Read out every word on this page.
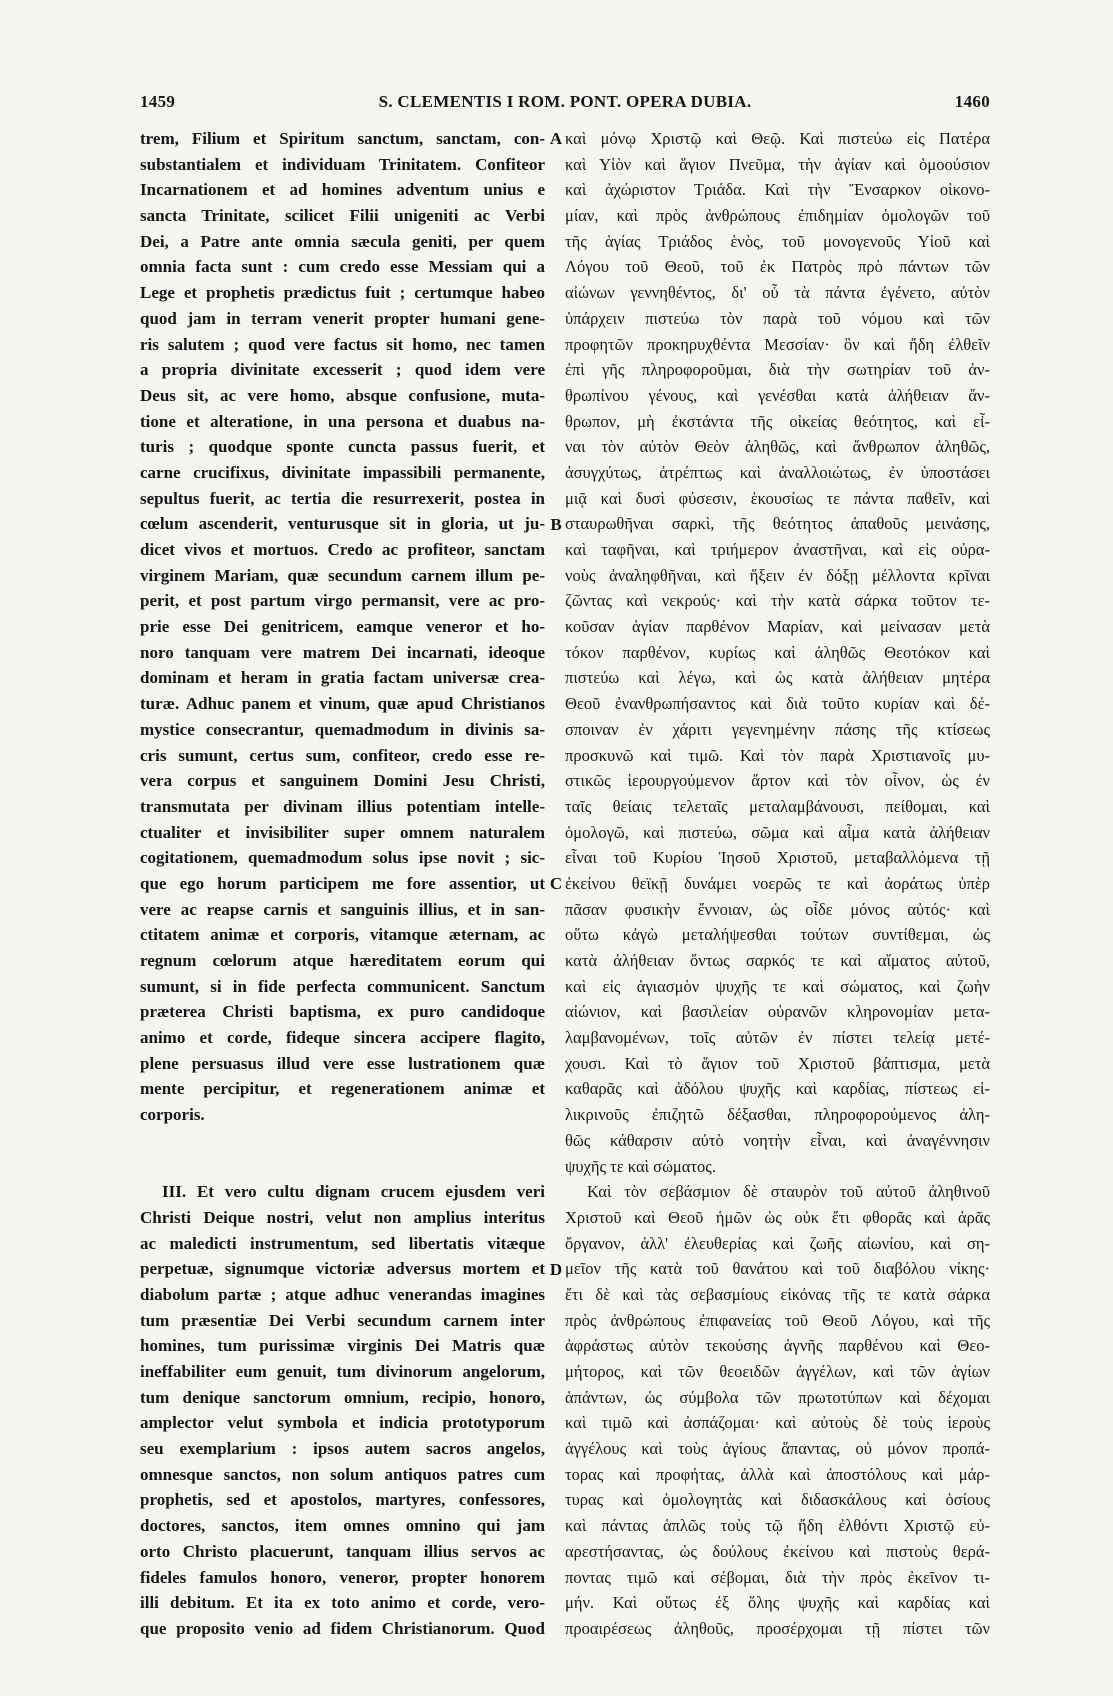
1459	S. CLEMENTIS I ROM. PONT. OPERA DUBIA.	1460
trem, Filium et Spiritum sanctum, sanctam, con-
substantialem et individuam Trinitatem. Confiteor
Incarnationem et ad homines adventum unius e
sancta Trinitate, scilicet Filii unigeniti ac Verbi
Dei, a Patre ante omnia sæcula geniti, per quem
omnia facta sunt : cum credo esse Messiam qui a
Lege et prophetis prædictus fuit ; certumque habeo
quod jam in terram venerit propter humani gene-
ris salutem ; quod vere factus sit homo, nec tamen
a propria divinitate excesserit ; quod idem vere
Deus sit, ac vere homo, absque confusione, muta-
tione et alteratione, in una persona et duabus na-
turis ; quodque sponte cuncta passus fuerit, et
carne crucifixus, divinitate impassibili permanente,
sepultus fuerit, ac tertia die resurrexerit, postea in
cœlum ascenderit, venturusque sit in gloria, ut ju-
dicet vivos et mortuos. Credo ac profiteor, sanctam
virginem Mariam, quæ secundum carnem illum pe-
perit, et post partum virgo permansit, vere ac pro-
prie esse Dei genitricem, eamque veneror et ho-
noro tanquam vere matrem Dei incarnati, ideoque
dominam et heram in gratia factam universæ crea-
turæ. Adhuc panem et vinum, quæ apud Christianos
mystice consecrantur, quemadmodum in divinis sa-
cris sumunt, certus sum, confiteor, credo esse re-
vera corpus et sanguinem Domini Jesu Christi,
transmutata per divinam illius potentiam intelle-
ctualiter et invisibiliter super omnem naturalem
cogitationem, quemadmodum solus ipse novit ; sic-
que ego horum participem me fore assentior, ut
vere ac reapse carnis et sanguinis illius, et in san-
ctitatem animæ et corporis, vitamque æternam, ac
regnum cœlorum atque hæreditatem eorum qui
sumunt, si in fide perfecta communicent. Sanctum
præterea Christi baptisma, ex puro candidoque
animo et corde, fideque sincera accipere flagito,
plene persuasus illud vere esse lustrationem quæ
mente percipitur, et regenerationem animæ et
corporis.
III. Et vero cultu dignam crucem ejusdem veri
Christi Deique nostri, velut non amplius interitus
ac maledicti instrumentum, sed libertatis vitæque
perpetuæ, signumque victoriæ adversus mortem et
diabolum partæ ; atque adhuc venerandas imagines
tum præsentiæ Dei Verbi secundum carnem inter
homines, tum purissimæ virginis Dei Matris quæ
ineffabiliter eum genuit, tum divinorum angelorum,
tum denique sanctorum omnium, recipio, honoro,
amplector velut symbola et indicia prototyporum
seu exemplarium : ipsos autem sacros angelos,
omnesque sanctos, non solum antiquos patres cum
prophetis, sed et apostolos, martyres, confessores,
doctores, sanctos, item omnes omnino qui jam
orto Christo placuerunt, tanquam illius servos ac
fideles famulos honoro, veneror, propter honorem
illi debitum. Et ita ex toto animo et corde, vero-
que proposito venio ad fidem Christianorum. Quod
καὶ μόνῳ Χριστῷ καὶ Θεῷ. Καὶ πιστεύω εἰς Πατέρα
καὶ Υἱὸν καὶ ἅγιον Πνεῦμα, τὴν ἁγίαν καὶ ὁμοούσιον
καὶ ἀχώριστον Τριάδα. Καὶ τὴν Ἔνσαρκον οἰκονο-
μίαν, καὶ πρὸς ἀνθρώπους ἐπιδημίαν ὁμολογῶν τοῦ
τῆς ἁγίας Τριάδος ἑνὸς, τοῦ μονογενοῦς Υἱοῦ καὶ
Λόγου τοῦ Θεοῦ, τοῦ ἐκ Πατρὸς πρὸ πάντων τῶν
αἰώνων γεννηθέντος, δι' οὗ τὰ πάντα ἐγένετο, αὐτὸν
ὑπάρχειν πιστεύω τὸν παρὰ τοῦ νόμου καὶ τῶν
προφητῶν προκηρυχθέντα Μεσσίαν· ὃν καὶ ἤδη ἐλθεῖν
ἐπὶ γῆς πληροφοροῦμαι, διὰ τὴν σωτηρίαν τοῦ ἀν-
θρωπίνου γένους, καὶ γενέσθαι κατὰ ἀλήθειαν ἄν-
θρωπον, μὴ ἐκστάντα τῆς οἰκείας θεότητος, καὶ εἶ-
ναι τὸν αὐτὸν Θεὸν ἀληθῶς, καὶ ἄνθρωπον ἀληθῶς,
ἀσυγχύτως, ἀτρέπτως καὶ ἀναλλοιώτως, ἐν ὑποστάσει
μιᾷ καὶ δυσὶ φύσεσιν, ἑκουσίως τε πάντα παθεῖν, καὶ
σταυρωθῆναι σαρκὶ, τῆς θεότητος ἀπαθοῦς μεινάσης,
καὶ ταφῆναι, καὶ τριήμερον ἀναστῆναι, καὶ εἰς οὐρα-
νοὺς ἀναληφθῆναι, καὶ ἥξειν ἐν δόξῃ μέλλοντα κρῖναι
ζῶντας καὶ νεκρούς· καὶ τὴν κατὰ σάρκα τοῦτον τε-
κοῦσαν ἁγίαν παρθένον Μαρίαν, καὶ μείνασαν μετὰ
τόκον παρθένον, κυρίως καὶ ἀληθῶς Θεοτόκον καὶ
πιστεύω καὶ λέγω, καὶ ὡς κατὰ ἀλήθειαν μητέρα
Θεοῦ ἐνανθρωπήσαντος καὶ διὰ τοῦτο κυρίαν καὶ δέ-
σποιναν ἐν χάριτι γεγενημένην πάσης τῆς κτίσεως
προσκυνῶ καὶ τιμῶ. Καὶ τὸν παρὰ Χριστιανοῖς μυ-
στικῶς ἱερουργούμενον ἄρτον καὶ τὸν οἶνον, ὡς ἐν
ταῖς θείαις τελεταῖς μεταλαμβάνουσι, πείθομαι, καὶ
ὁμολογῶ, καὶ πιστεύω, σῶμα καὶ αἷμα κατὰ ἀλήθειαν
εἶναι τοῦ Κυρίου Ἰησοῦ Χριστοῦ, μεταβαλλόμενα τῇ
ἐκείνου θεϊκῇ δυνάμει νοερῶς τε καὶ ἀοράτως ὑπὲρ
πᾶσαν φυσικὴν ἔννοιαν, ὡς οἶδε μόνος αὐτός· καὶ
οὕτω κἀγὼ μεταλήψεσθαι τούτων συντίθεμαι, ὡς
κατὰ ἀλήθειαν ὄντως σαρκός τε καὶ αἵματος αὐτοῦ,
καὶ εἰς ἁγιασμὸν ψυχῆς τε καὶ σώματος, καὶ ζωὴν
αἰώνιον, καὶ βασιλείαν οὐρανῶν κληρονομίαν μετα-
λαμβανομένων, τοῖς αὐτῶν ἐν πίστει τελείᾳ μετέ-
χουσι. Καὶ τὸ ἅγιον τοῦ Χριστοῦ βάπτισμα, μετὰ
καθαρᾶς καὶ ἀδόλου ψυχῆς καὶ καρδίας, πίστεως εἰ-
λικρινοῦς ἐπιζητῶ δέξασθαι, πληροφορούμενος ἀλη-
θῶς κάθαρσιν αὐτὸ νοητὴν εἶναι, καὶ ἀναγέννησιν
ψυχῆς τε καὶ σώματος.
Καὶ τὸν σεβάσμιον δὲ σταυρὸν τοῦ αὐτοῦ ἀληθινοῦ
Χριστοῦ καὶ Θεοῦ ἡμῶν ὡς οὐκ ἔτι φθορᾶς καὶ ἀρᾶς
ὄργανον, ἀλλ' ἐλευθερίας καὶ ζωῆς αἰωνίου, καὶ ση-
μεῖον τῆς κατὰ τοῦ θανάτου καὶ τοῦ διαβόλου νίκης·
ἔτι δὲ καὶ τὰς σεβασμίους εἰκόνας τῆς τε κατὰ σάρκα
πρὸς ἀνθρώπους ἐπιφανείας τοῦ Θεοῦ Λόγου, καὶ τῆς
ἀφράστως αὐτὸν τεκούσης ἁγνῆς παρθένου καὶ Θεο-
μήτορος, καὶ τῶν θεοειδῶν ἀγγέλων, καὶ τῶν ἁγίων
ἁπάντων, ὡς σύμβολα τῶν πρωτοτύπων καὶ δέχομαι
καὶ τιμῶ καὶ ἀσπάζομαι· καὶ αὐτοὺς δὲ τοὺς ἱεροὺς
ἀγγέλους καὶ τοὺς ἁγίους ἅπαντας, οὐ μόνον προπά-
τορας καὶ προφήτας, ἀλλὰ καὶ ἀποστόλους καὶ μάρ-
τυρας καὶ ὁμολογητὰς καὶ διδασκάλους καὶ ὁσίους
καὶ πάντας ἁπλῶς τοὺς τῷ ἤδη ἐλθόντι Χριστῷ εὐ-
αρεστήσαντας, ὡς δούλους ἐκείνου καὶ πιστοὺς θερά-
ποντας τιμῶ καὶ σέβομαι, διὰ τὴν πρὸς ἐκεῖνον τι-
μήν. Καὶ οὕτως ἐξ ὅλης ψυχῆς καὶ καρδίας καὶ
προαιρέσεως ἀληθοῦς, προσέρχομαι τῇ πίστει τῶν
A
B
C
D
